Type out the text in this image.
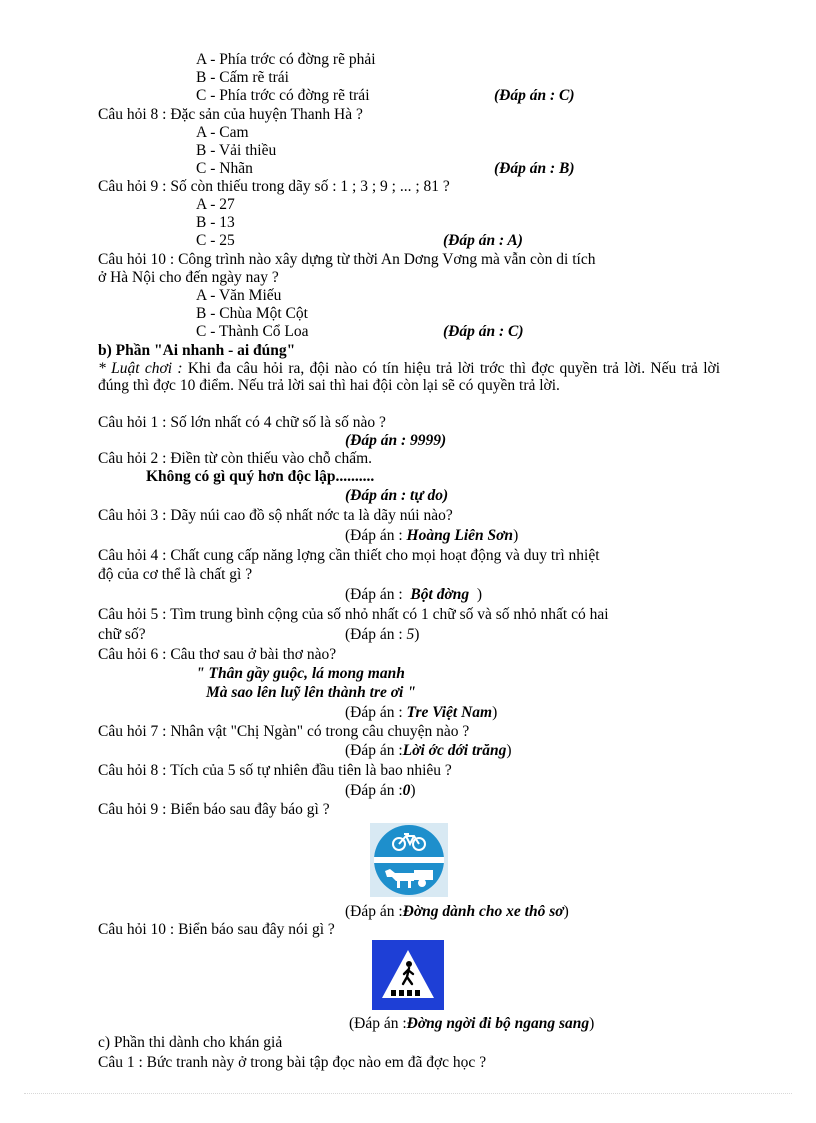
A - Phía trớc có đờng rẽ phải
B - Cấm rẽ trái
C - Phía trớc có đờng rẽ trái	(Đáp án : C)
Câu hỏi 8 : Đặc sản của huyện Thanh Hà ?
A - Cam
B - Vải thiều
C - Nhãn	(Đáp án : B)
Câu hỏi 9 : Số còn thiếu trong dãy số : 1 ; 3 ; 9 ; ... ; 81 ?
A - 27
B - 13
C - 25	(Đáp án : A)
Câu hỏi 10 : Công trình nào xây dựng từ thời An Dơng Vơng mà vẫn còn di tích
ở Hà Nội cho đến ngày nay ?
A - Văn Miếu
B - Chùa Một Cột
C - Thành Cổ Loa	(Đáp án : C)
b) Phần "Ai nhanh - ai đúng"
* Luật chơi : Khi đa câu hỏi ra, đội nào có tín hiệu trả lời trớc thì đợc quyền trả lời. Nếu trả lời đúng thì đợc 10 điểm. Nếu trả lời sai thì hai đội còn lại sẽ có quyền trả lời.
Câu hỏi 1 : Số lớn nhất có 4 chữ số là số nào ?
(Đáp án : 9999)
Câu hỏi 2 : Điền từ còn thiếu vào chỗ chấm.
Không có gì quý hơn độc lập..........
(Đáp án : tự do)
Câu hỏi 3 : Dãy núi cao đồ sộ nhất nớc ta là dãy núi nào?
(Đáp án : Hoàng Liên Sơn)
Câu hỏi 4 : Chất cung cấp năng lợng cần thiết cho mọi hoạt động và duy trì nhiệt
độ của cơ thể là chất gì ?
(Đáp án : Bột đờng )
Câu hỏi 5 : Tìm trung bình cộng của số nhỏ nhất có 1 chữ số và số nhỏ nhất có hai
chữ số?	(Đáp án : 5)
Câu hỏi 6 : Câu thơ sau ở bài thơ nào?
" Thân gầy guộc, lá mong manh
Mà sao lên luỹ lên thành tre ơi "
(Đáp án : Tre Việt Nam)
Câu hỏi 7 : Nhân vật "Chị Ngàn" có trong câu chuyện nào ?
(Đáp án :Lời ớc dới trăng)
Câu hỏi 8 : Tích của 5 số tự nhiên đầu tiên là bao nhiêu ?
(Đáp án :0)
Câu hỏi 9 : Biển báo sau đây báo gì ?
(Đáp án :Đờng dành cho xe thô sơ)
Câu hỏi 10 : Biển báo sau đây nói gì ?
(Đáp án :Đờng ngời đi bộ ngang sang)
c) Phần thi dành cho khán giả
Câu 1 : Bức tranh này ở trong bài tập đọc nào em đã đợc học ?
